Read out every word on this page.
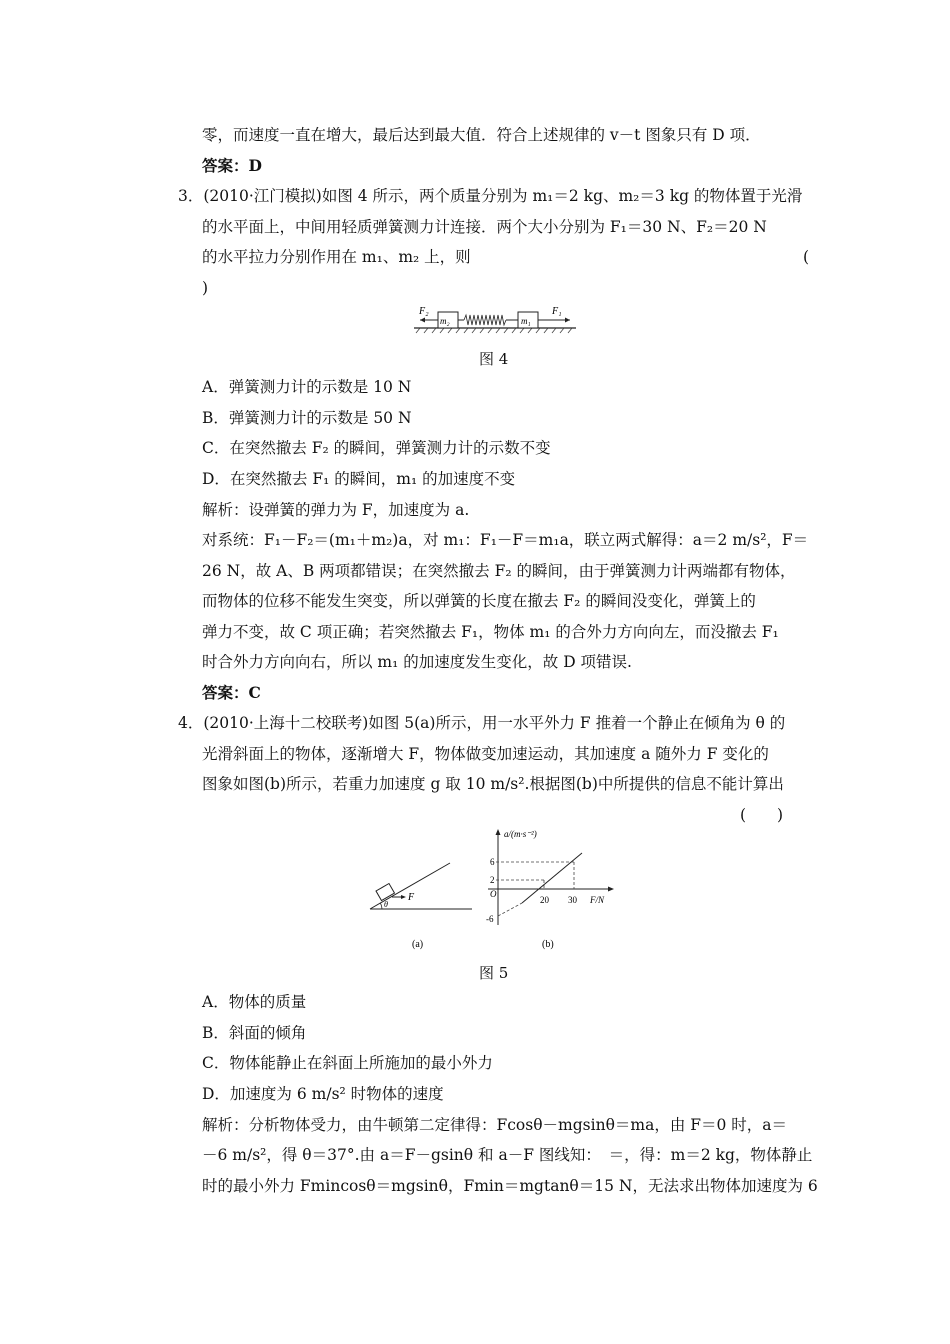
零，而速度一直在增大，最后达到最大值．符合上述规律的 v－t 图象只有 D 项．
答案：D
3．(2010·江门模拟)如图 4 所示，两个质量分别为 m₁＝2 kg、m₂＝3 kg 的物体置于光滑
的水平面上，中间用轻质弹簧测力计连接．两个大小分别为 F₁＝30 N、F₂＝20 N
的水平拉力分别作用在 m₁、m₂ 上，则	(
)
m₂	m₁
F₂	F₁
图 4
A．弹簧测力计的示数是 10 N
B．弹簧测力计的示数是 50 N
C．在突然撤去 F₂ 的瞬间，弹簧测力计的示数不变
D．在突然撤去 F₁ 的瞬间，m₁ 的加速度不变
解析：设弹簧的弹力为 F，加速度为 a.
对系统：F₁－F₂＝(m₁＋m₂)a，对 m₁：F₁－F＝m₁a，联立两式解得：a＝2 m/s²，F＝
26 N，故 A、B 两项都错误；在突然撤去 F₂ 的瞬间，由于弹簧测力计两端都有物体，
而物体的位移不能发生突变，所以弹簧的长度在撤去 F₂ 的瞬间没变化，弹簧上的
弹力不变，故 C 项正确；若突然撤去 F₁，物体 m₁ 的合外力方向向左，而没撤去 F₁
时合外力方向向右，所以 m₁ 的加速度发生变化，故 D 项错误.
答案：C
4．(2010·上海十二校联考)如图 5(a)所示，用一水平外力 F 推着一个静止在倾角为 θ 的
光滑斜面上的物体，逐渐增大 F，物体做变加速运动，其加速度 a 随外力 F 变化的
图象如图(b)所示，若重力加速度 g 取 10 m/s².根据图(b)中所提供的信息不能计算出
(　　)
F
θ
(a)
a/(m·s⁻²)
F/N
O
6
2
-6
20 30
(b)
图 5
A．物体的质量
B．斜面的倾角
C．物体能静止在斜面上所施加的最小外力
D．加速度为 6 m/s² 时物体的速度
解析：分析物体受力，由牛顿第二定律得：Fcosθ－mgsinθ＝ma，由 F＝0 时，a＝
－6 m/s²，得 θ＝37°.由 a＝F－gsinθ 和 a－F 图线知：　＝，得：m＝2 kg，物体静止
时的最小外力 Fmincosθ＝mgsinθ，Fmin＝mgtanθ＝15 N，无法求出物体加速度为 6
